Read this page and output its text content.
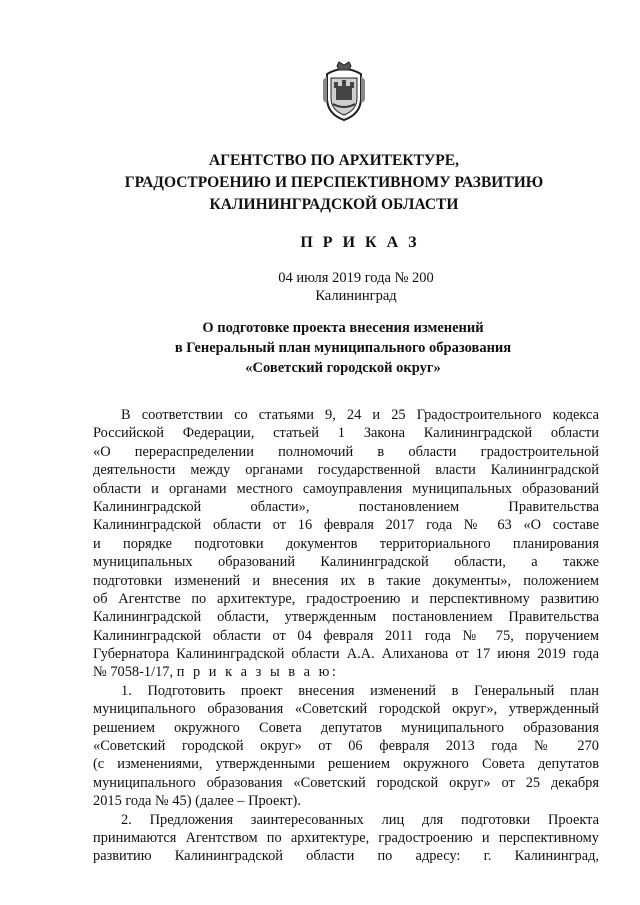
АГЕНТСТВО ПО АРХИТЕКТУРЕ,
ГРАДОСТРОЕНИЮ И ПЕРСПЕКТИВНОМУ РАЗВИТИЮ
КАЛИНИНГРАДСКОЙ ОБЛАСТИ
П Р И К А З
04 июля 2019 года № 200
Калининград
О подготовке проекта внесения изменений
в Генеральный план муниципального образования
«Советский городской округ»
В соответствии со статьями 9, 24 и 25 Градостроительного кодекса
Российской Федерации, статьей 1 Закона Калининградской области
«О перераспределении полномочий в области градостроительной
деятельности между органами государственной власти Калининградской
области и органами местного самоуправления муниципальных образований
Калининградской области», постановлением Правительства
Калининградской области от 16 февраля 2017 года № 63 «О составе
и порядке подготовки документов территориального планирования
муниципальных образований Калининградской области, а также
подготовки изменений и внесения их в такие документы», положением
об Агентстве по архитектуре, градостроению и перспективному развитию
Калининградской области, утвержденным постановлением Правительства
Калининградской области от 04 февраля 2011 года № 75, поручением
Губернатора Калининградской области А.А. Алиханова от 17 июня 2019 года
№ 7058-1/17, п р и к а з ы в а ю:
1. Подготовить проект внесения изменений в Генеральный план
муниципального образования «Советский городской округ», утвержденный
решением окружного Совета депутатов муниципального образования
«Советский городской округ» от 06 февраля 2013 года № 270
(с изменениями, утвержденными решением окружного Совета депутатов
муниципального образования «Советский городской округ» от 25 декабря
2015 года № 45) (далее – Проект).
2. Предложения заинтересованных лиц для подготовки Проекта
принимаются Агентством по архитектуре, градостроению и перспективному
развитию Калининградской области по адресу: г. Калининград,
